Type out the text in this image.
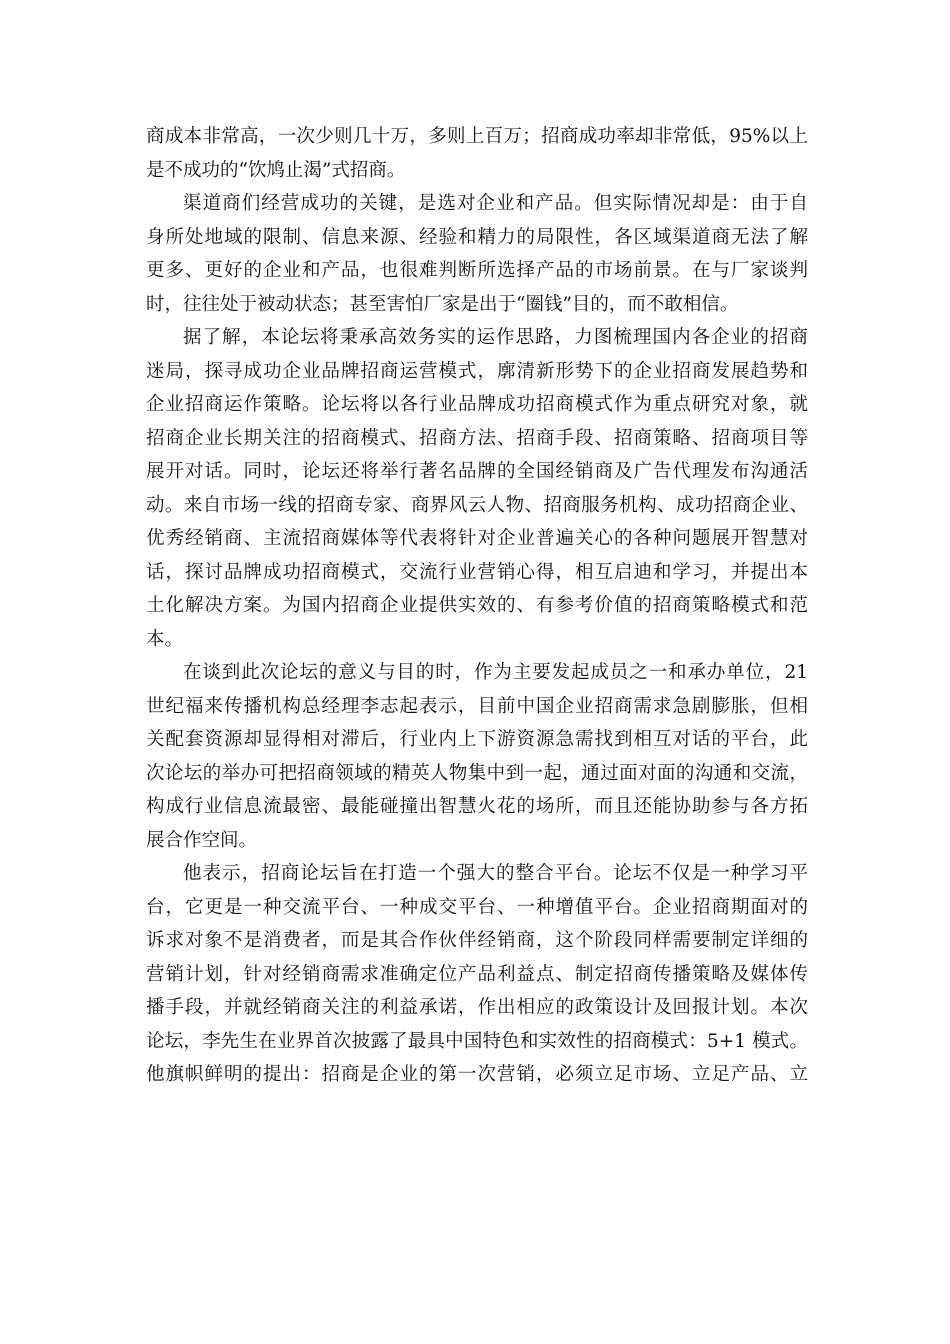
商成本非常高，一次少则几十万，多则上百万；招商成功率却非常低，95%以上
是不成功的“饮鸠止渴”式招商。
渠道商们经营成功的关键，是选对企业和产品。但实际情况却是：由于自
身所处地域的限制、信息来源、经验和精力的局限性，各区域渠道商无法了解
更多、更好的企业和产品，也很难判断所选择产品的市场前景。在与厂家谈判
时，往往处于被动状态；甚至害怕厂家是出于“圈钱”目的，而不敢相信。
据了解，本论坛将秉承高效务实的运作思路，力图梳理国内各企业的招商
迷局，探寻成功企业品牌招商运营模式，廓清新形势下的企业招商发展趋势和
企业招商运作策略。论坛将以各行业品牌成功招商模式作为重点研究对象，就
招商企业长期关注的招商模式、招商方法、招商手段、招商策略、招商项目等
展开对话。同时，论坛还将举行著名品牌的全国经销商及广告代理发布沟通活
动。来自市场一线的招商专家、商界风云人物、招商服务机构、成功招商企业、
优秀经销商、主流招商媒体等代表将针对企业普遍关心的各种问题展开智慧对
话，探讨品牌成功招商模式，交流行业营销心得，相互启迪和学习，并提出本
土化解决方案。为国内招商企业提供实效的、有参考价值的招商策略模式和范
本。
在谈到此次论坛的意义与目的时，作为主要发起成员之一和承办单位，21
世纪福来传播机构总经理李志起表示，目前中国企业招商需求急剧膨胀，但相
关配套资源却显得相对滞后，行业内上下游资源急需找到相互对话的平台，此
次论坛的举办可把招商领域的精英人物集中到一起，通过面对面的沟通和交流，
构成行业信息流最密、最能碰撞出智慧火花的场所，而且还能协助参与各方拓
展合作空间。
他表示，招商论坛旨在打造一个强大的整合平台。论坛不仅是一种学习平
台，它更是一种交流平台、一种成交平台、一种增值平台。企业招商期面对的
诉求对象不是消费者，而是其合作伙伴经销商，这个阶段同样需要制定详细的
营销计划，针对经销商需求准确定位产品利益点、制定招商传播策略及媒体传
播手段，并就经销商关注的利益承诺，作出相应的政策设计及回报计划。本次
论坛，李先生在业界首次披露了最具中国特色和实效性的招商模式：5+1 模式。
他旗帜鲜明的提出：招商是企业的第一次营销，必须立足市场、立足产品、立
